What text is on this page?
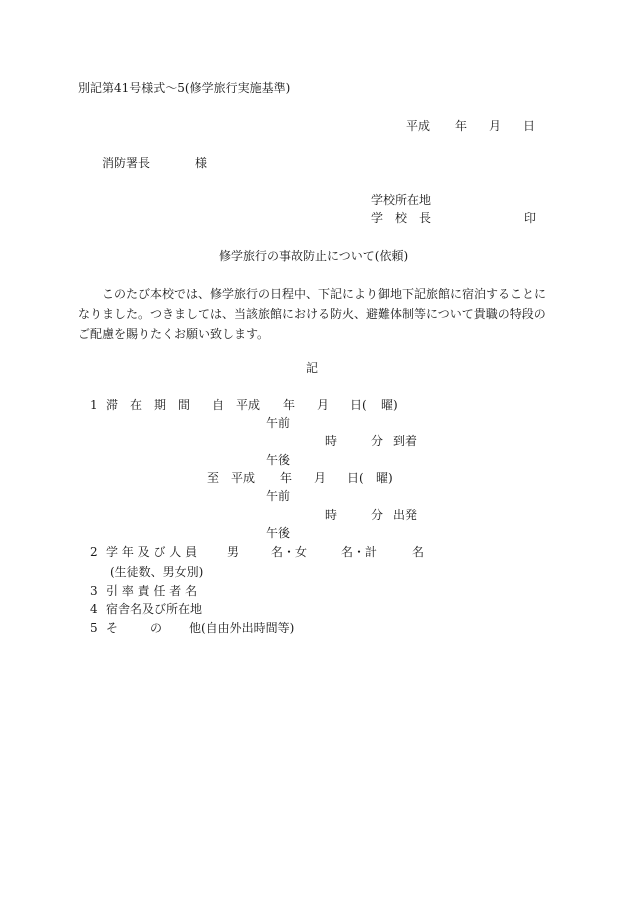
別記第41号様式〜5(修学旅行実施基準)
平成 年 月 日
消防署長	様
学校所在地
学　校　長	印
修学旅行の事故防止について(依頼)
このたび本校では、修学旅行の日程中、下記により御地下記旅館に宿泊することになりました。つきましては、当該旅館における防火、避難体制等について貴職の特段のご配慮を賜りたくお願い致します。
記
1 滞　在　期　間 自 平成 年 月 日( 曜)
午前
時	分 到着
午後
至 平成 年 月 日( 曜)
午前
時	分 出発
午後
2 学 年 及 び 人 員 男	名・女	名・計	名
(生徒数、男女別)
3 引 率 責 任 者 名
4 宿舎名及び所在地
5 そ	の 他(自由外出時間等)
